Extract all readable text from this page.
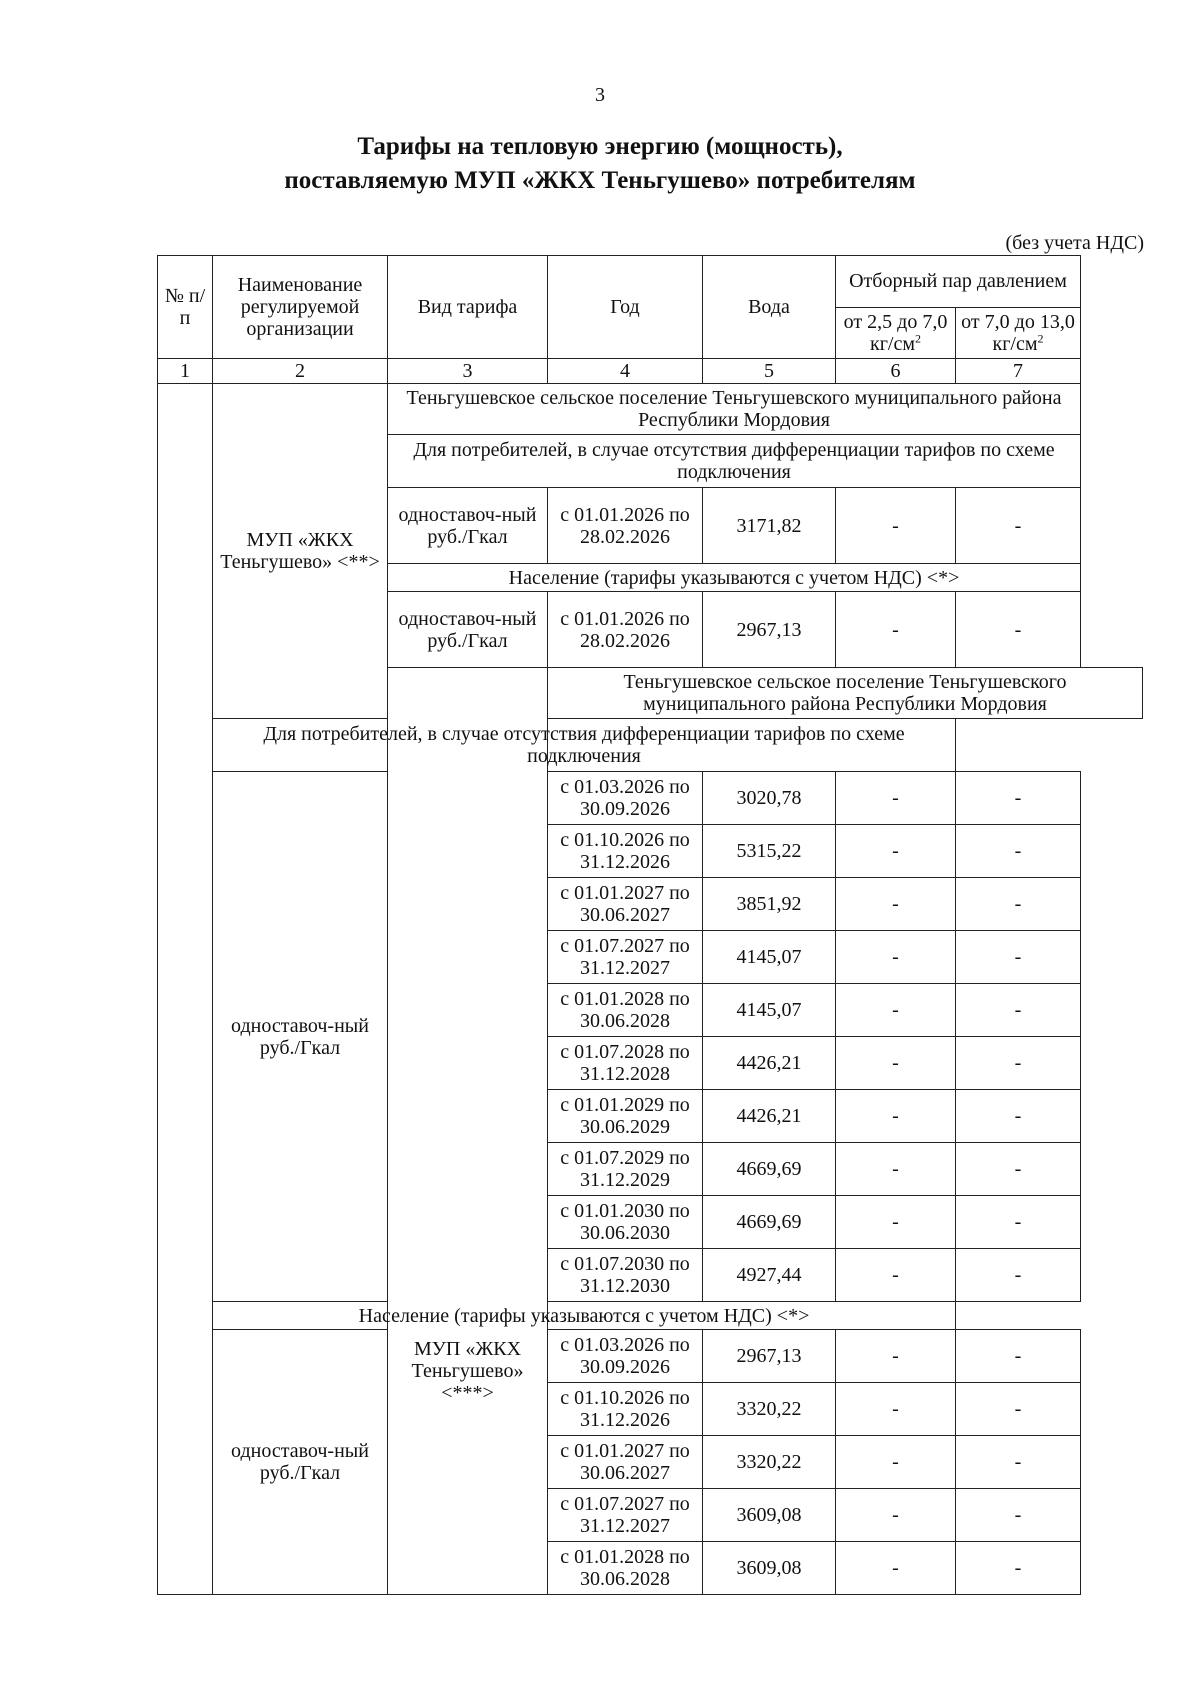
3
Тарифы на тепловую энергию (мощность),
поставляемую МУП «ЖКХ Теньгушево» потребителям
(без учета НДС)
№ п/п	Наименование регулируемой организации	Вид тарифа	Год	Вода	Отборный пар давлением	
					от 2,5 до 7,0 $кг/см^2$	от 7,0 до 13,0 $кг/см^2$
1	2	3	4	5	6	7
	МУП «ЖКХ Теньгушево» <**>	Теньгушевское сельское поселение Теньгушевского муниципального района Республики Мордовия				
		Для потребителей, в случае отсутствия дифференциации тарифов по схеме подключения				
		одноставоч-ный руб./Гкал	с 01.01.2026 по 28.02.2026	3171,82	-	-
		Население (тарифы указываются с учетом НДС) <*>				
		одноставоч-ный руб./Гкал	с 01.01.2026 по 28.02.2026	2967,13	-	-
		МУП «ЖКХ Теньгушево» <***>	Теньгушевское сельское поселение Теньгушевского муниципального района Республики Мордовия			
	Для потребителей, в случае отсутствия дифференциации тарифов по схеме подключения					
	одноставоч-ный руб./Гкал		с 01.03.2026 по 30.09.2026	3020,78	-	-
			с 01.10.2026 по 31.12.2026	5315,22	-	-
			с 01.01.2027 по 30.06.2027	3851,92	-	-
			с 01.07.2027 по 31.12.2027	4145,07	-	-
			с 01.01.2028 по 30.06.2028	4145,07	-	-
			с 01.07.2028 по 31.12.2028	4426,21	-	-
			с 01.01.2029 по 30.06.2029	4426,21	-	-
			с 01.07.2029 по 31.12.2029	4669,69	-	-
			с 01.01.2030 по 30.06.2030	4669,69	-	-
			с 01.07.2030 по 31.12.2030	4927,44	-	-
	Население (тарифы указываются с учетом НДС) <*>					
	одноставоч-ный руб./Гкал		с 01.03.2026 по 30.09.2026	2967,13	-	-
			с 01.10.2026 по 31.12.2026	3320,22	-	-
			с 01.01.2027 по 30.06.2027	3320,22	-	-
			с 01.07.2027 по 31.12.2027	3609,08	-	-
			с 01.01.2028 по 30.06.2028	3609,08	-	-
